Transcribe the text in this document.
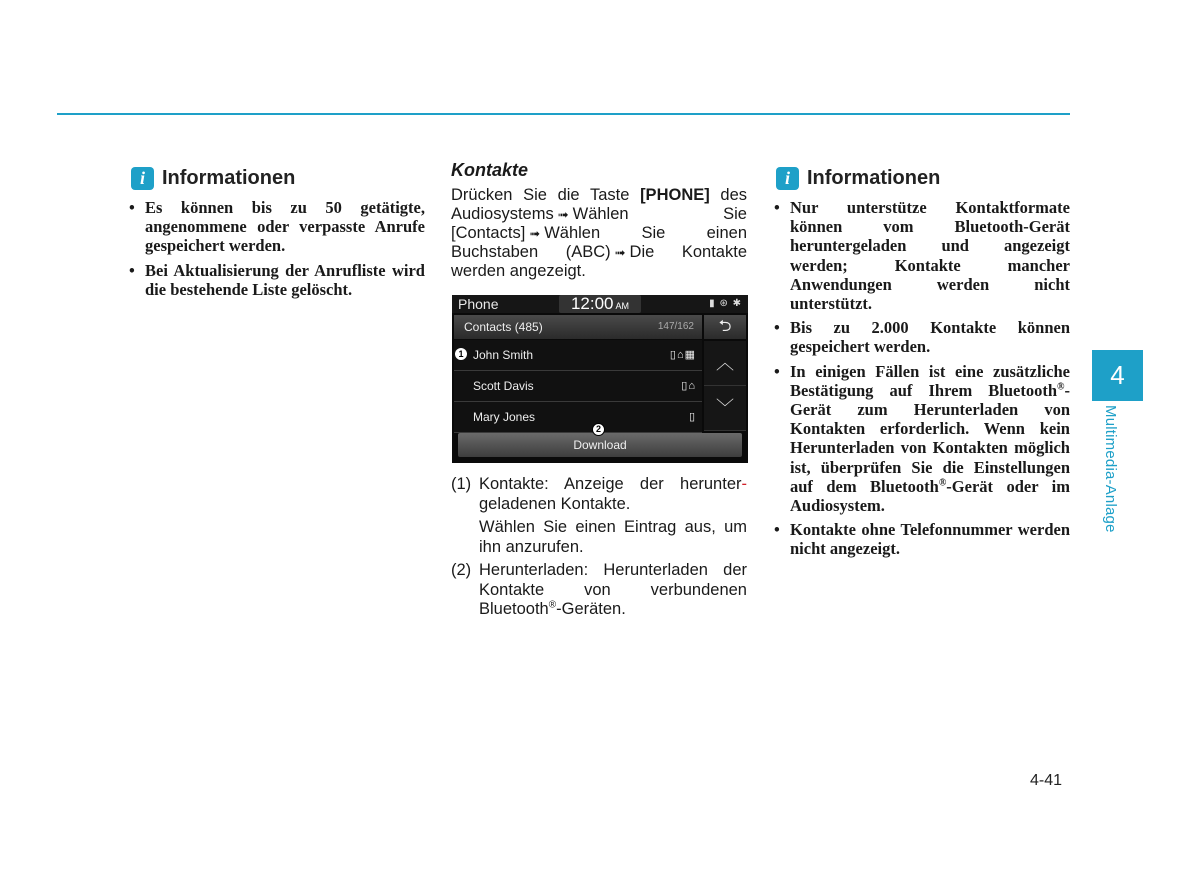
i Informationen
• Es können bis zu 50 getätigte, angenommene oder verpasste Anrufe gespeichert werden.
• Bei Aktualisierung der Anrufliste wird die bestehende Liste gelöscht.
Kontakte

Drücken Sie die Taste [PHONE] des Audiosystems ➟ Wählen Sie [Contacts] ➟ Wählen Sie einen Buchstaben (ABC) ➟ Die Kontakte werden angezeigt.

Phone	12:00 AM	▮ ⊛ ✱
Contacts (485)	147/162	⮌
John Smith	▯⌂▦
Scott Davis	▯⌂
Mary Jones	▯
︿
﹀
Download
1
2
(1) Kontakte: Anzeige der herunter-geladenen Kontakte.
Wählen Sie einen Eintrag aus, um ihn anzurufen.
(2) Herunterladen: Herunterladen der Kontakte von verbundenen Bluetooth®-Geräten.
i Informationen
• Nur unterstütze Kontaktformate können vom Bluetooth-Gerät heruntergeladen und angezeigt werden; Kontakte mancher Anwendungen werden nicht unterstützt.
• Bis zu 2.000 Kontakte können gespeichert werden.
• In einigen Fällen ist eine zusätzliche Bestätigung auf Ihrem Bluetooth®-Gerät zum Herunterladen von Kontakten erforderlich. Wenn kein Herunterladen von Kontakten möglich ist, überprüfen Sie die Einstellungen auf dem Bluetooth®-Gerät oder im Audiosystem.
• Kontakte ohne Telefonnummer werden nicht angezeigt.
4
Multimedia-Anlage
4-41
